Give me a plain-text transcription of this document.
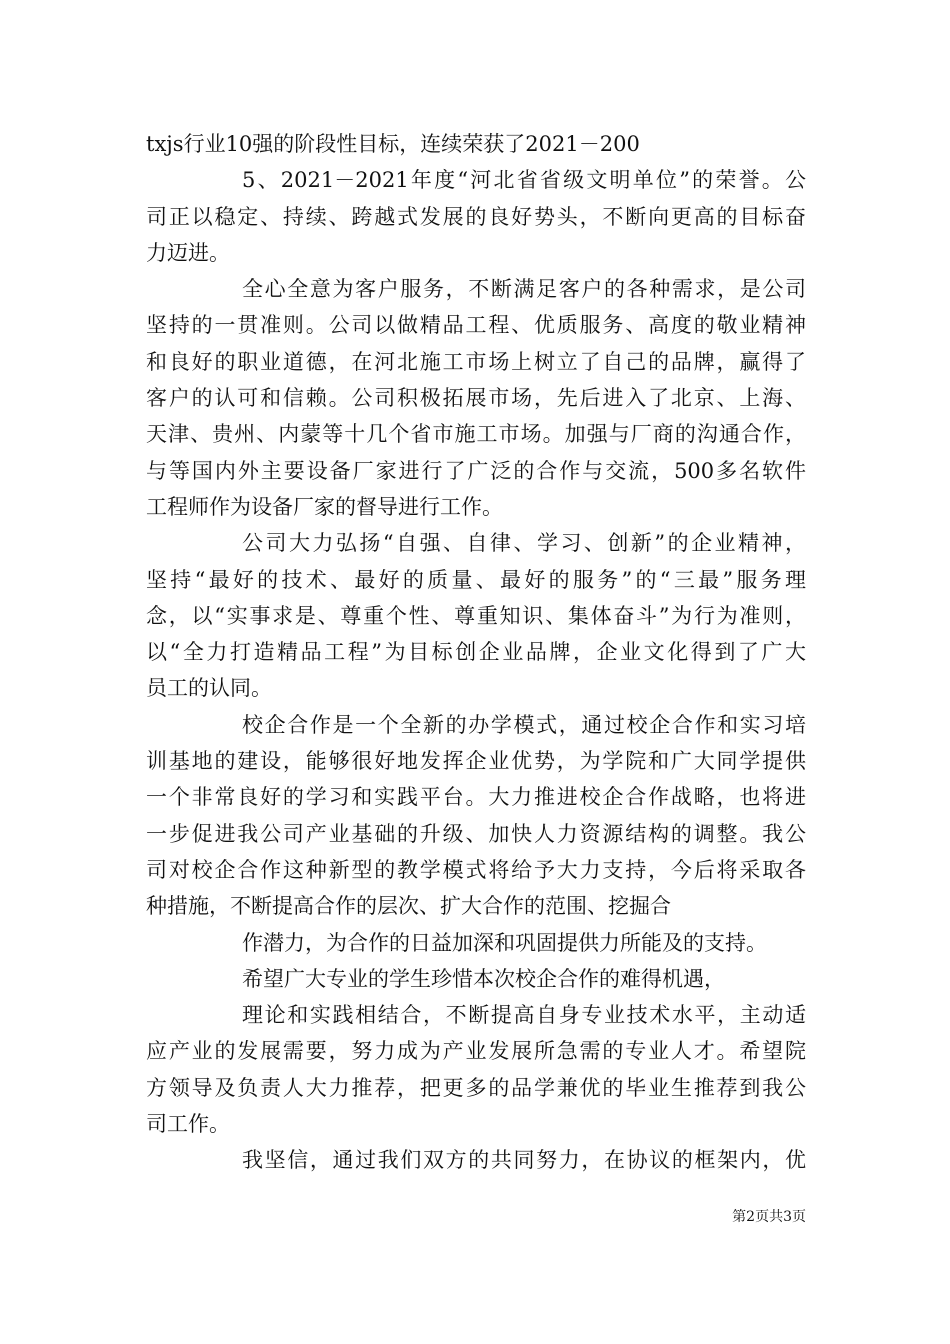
txjs行业10强的阶段性目标，连续荣获了2021－200
5、2021－2021年度“河北省省级文明单位”的荣誉。公
司正以稳定、持续、跨越式发展的良好势头，不断向更高的目标奋
力迈进。
全心全意为客户服务，不断满足客户的各种需求，是公司
坚持的一贯准则。公司以做精品工程、优质服务、高度的敬业精神
和良好的职业道德，在河北施工市场上树立了自己的品牌，赢得了
客户的认可和信赖。公司积极拓展市场，先后进入了北京、上海、
天津、贵州、内蒙等十几个省市施工市场。加强与厂商的沟通合作，
与等国内外主要设备厂家进行了广泛的合作与交流，500多名软件
工程师作为设备厂家的督导进行工作。
公司大力弘扬“自强、自律、学习、创新”的企业精神，
坚持“最好的技术、最好的质量、最好的服务”的“三最”服务理
念，以“实事求是、尊重个性、尊重知识、集体奋斗”为行为准则，
以“全力打造精品工程”为目标创企业品牌，企业文化得到了广大
员工的认同。
校企合作是一个全新的办学模式，通过校企合作和实习培
训基地的建设，能够很好地发挥企业优势，为学院和广大同学提供
一个非常良好的学习和实践平台。大力推进校企合作战略，也将进
一步促进我公司产业基础的升级、加快人力资源结构的调整。我公
司对校企合作这种新型的教学模式将给予大力支持，今后将采取各
种措施，不断提高合作的层次、扩大合作的范围、挖掘合
作潜力，为合作的日益加深和巩固提供力所能及的支持。
希望广大专业的学生珍惜本次校企合作的难得机遇，
理论和实践相结合，不断提高自身专业技术水平，主动适
应产业的发展需要，努力成为产业发展所急需的专业人才。希望院
方领导及负责人大力推荐，把更多的品学兼优的毕业生推荐到我公
司工作。
我坚信，通过我们双方的共同努力，在协议的框架内，优
第2页共3页
